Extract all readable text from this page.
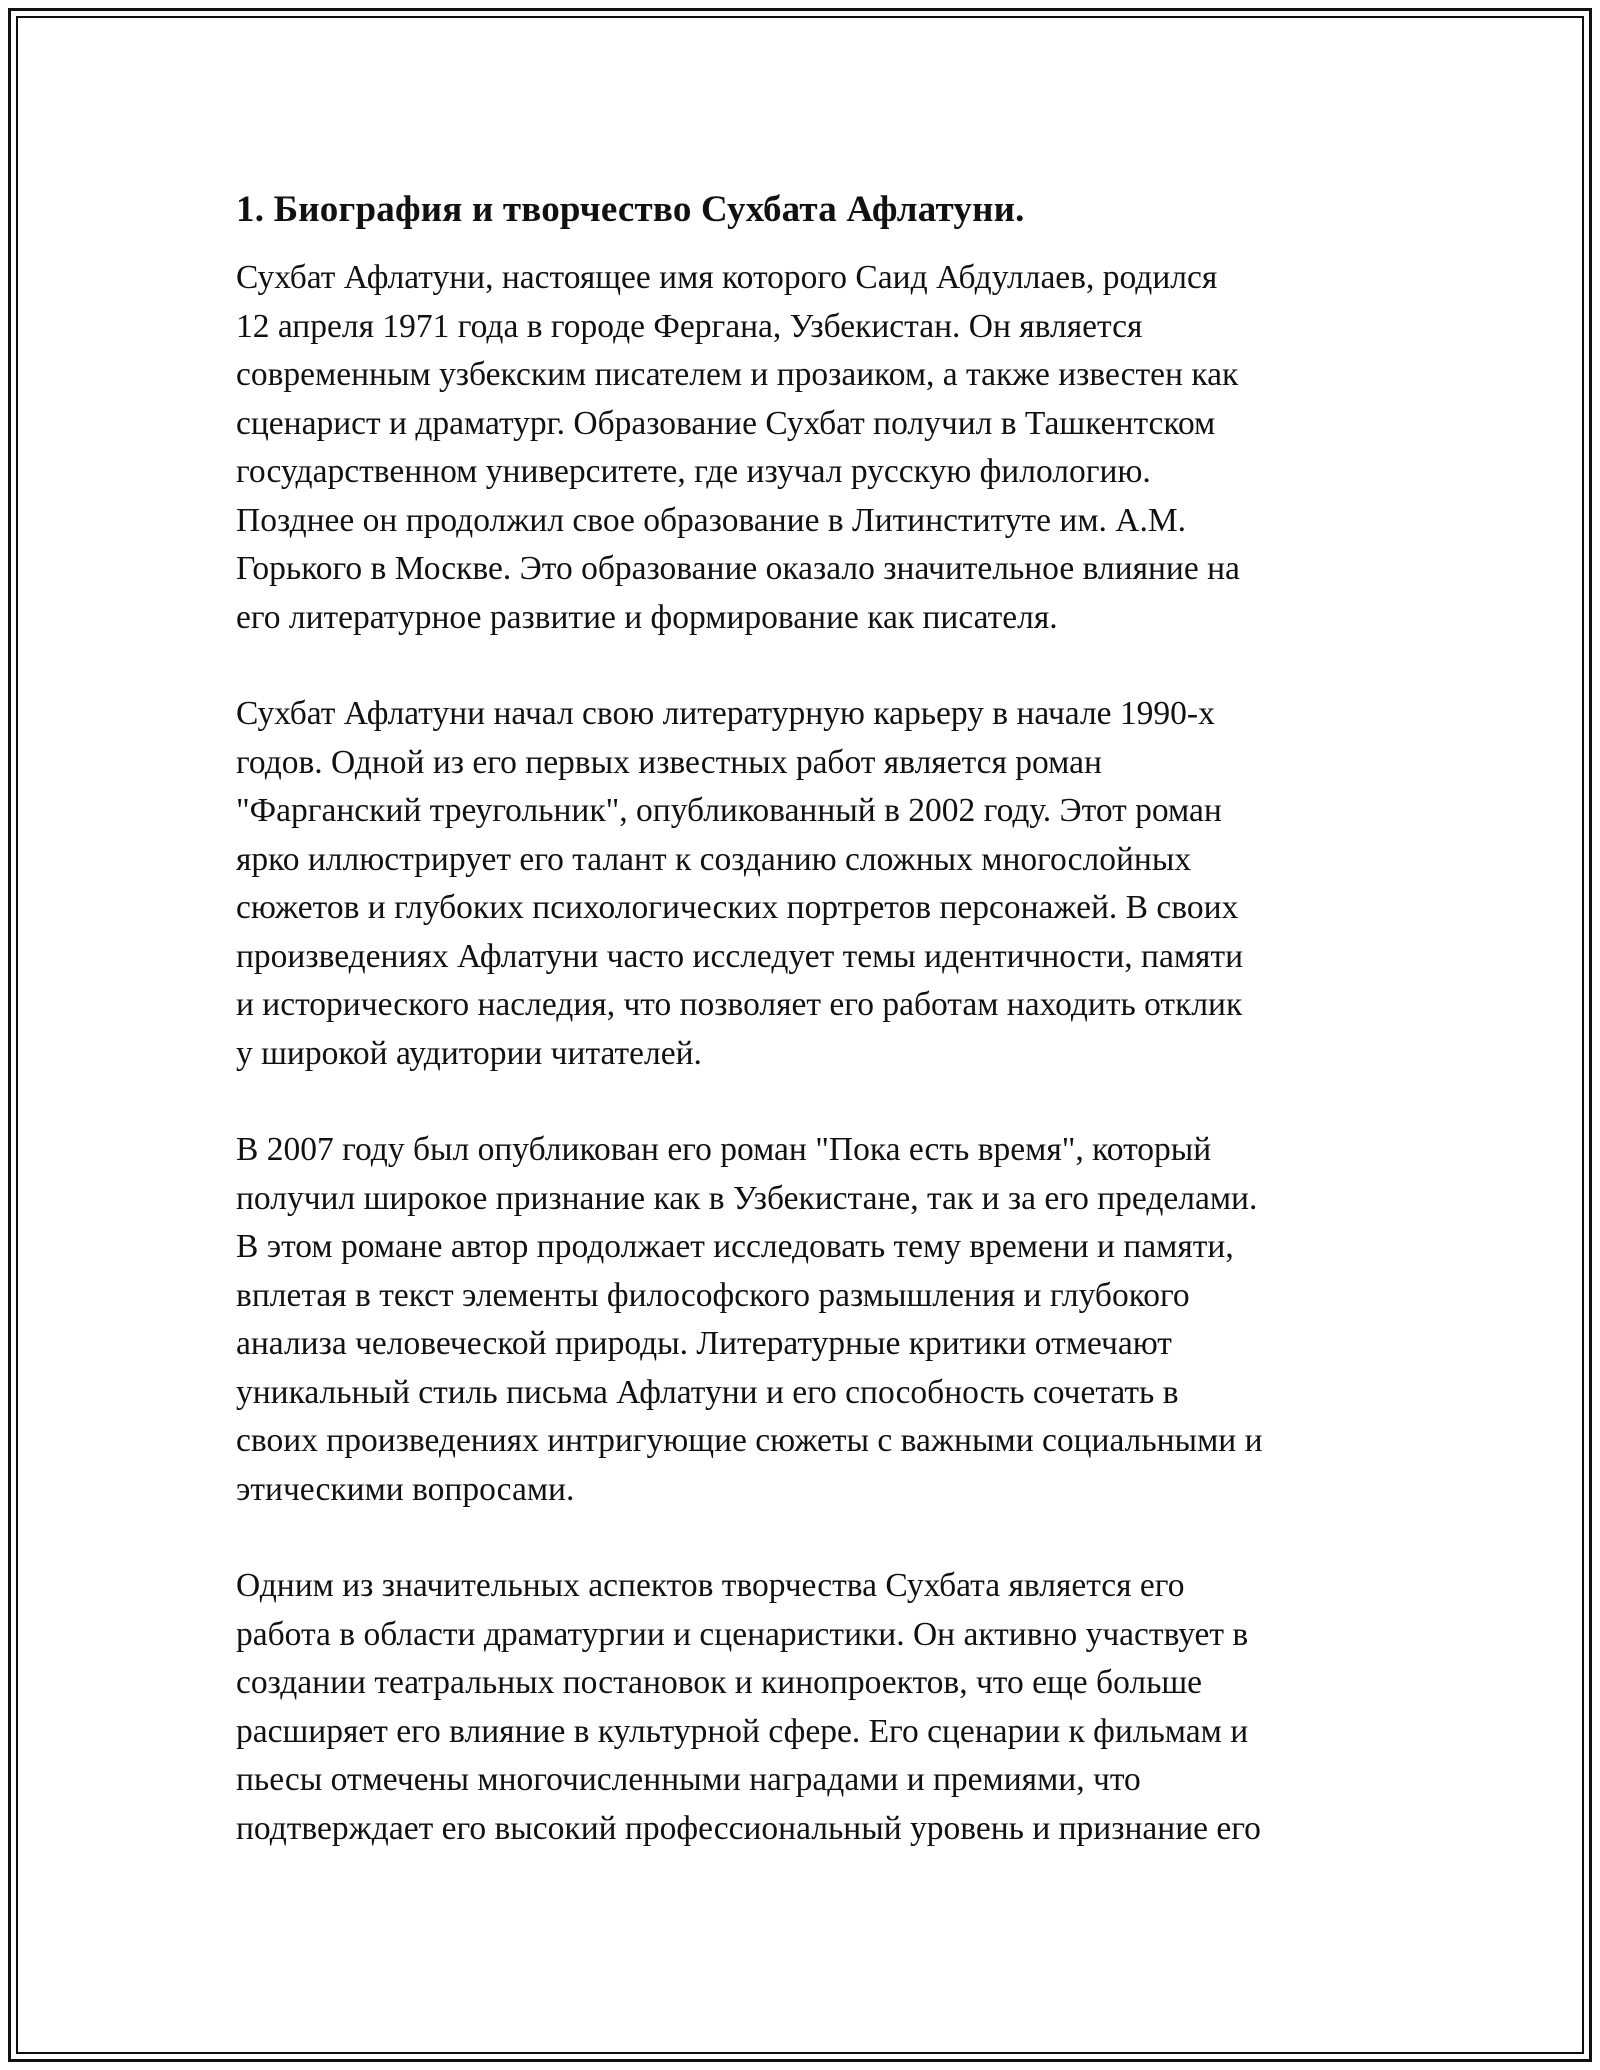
1. Биография и творчество Сухбата Афлатуни.
Сухбат Афлатуни, настоящее имя которого Саид Абдуллаев, родился
12 апреля 1971 года в городе Фергана, Узбекистан. Он является
современным узбекским писателем и прозаиком, а также известен как
сценарист и драматург. Образование Сухбат получил в Ташкентском
государственном университете, где изучал русскую филологию.
Позднее он продолжил свое образование в Литинституте им. А.М.
Горького в Москве. Это образование оказало значительное влияние на
его литературное развитие и формирование как писателя.
Сухбат Афлатуни начал свою литературную карьеру в начале 1990-х
годов. Одной из его первых известных работ является роман
"Фарганский треугольник", опубликованный в 2002 году. Этот роман
ярко иллюстрирует его талант к созданию сложных многослойных
сюжетов и глубоких психологических портретов персонажей. В своих
произведениях Афлатуни часто исследует темы идентичности, памяти
и исторического наследия, что позволяет его работам находить отклик
у широкой аудитории читателей.
В 2007 году был опубликован его роман "Пока есть время", который
получил широкое признание как в Узбекистане, так и за его пределами.
В этом романе автор продолжает исследовать тему времени и памяти,
вплетая в текст элементы философского размышления и глубокого
анализа человеческой природы. Литературные критики отмечают
уникальный стиль письма Афлатуни и его способность сочетать в
своих произведениях интригующие сюжеты с важными социальными и
этическими вопросами.
Одним из значительных аспектов творчества Сухбата является его
работа в области драматургии и сценаристики. Он активно участвует в
создании театральных постановок и кинопроектов, что еще больше
расширяет его влияние в культурной сфере. Его сценарии к фильмам и
пьесы отмечены многочисленными наградами и премиями, что
подтверждает его высокий профессиональный уровень и признание его
